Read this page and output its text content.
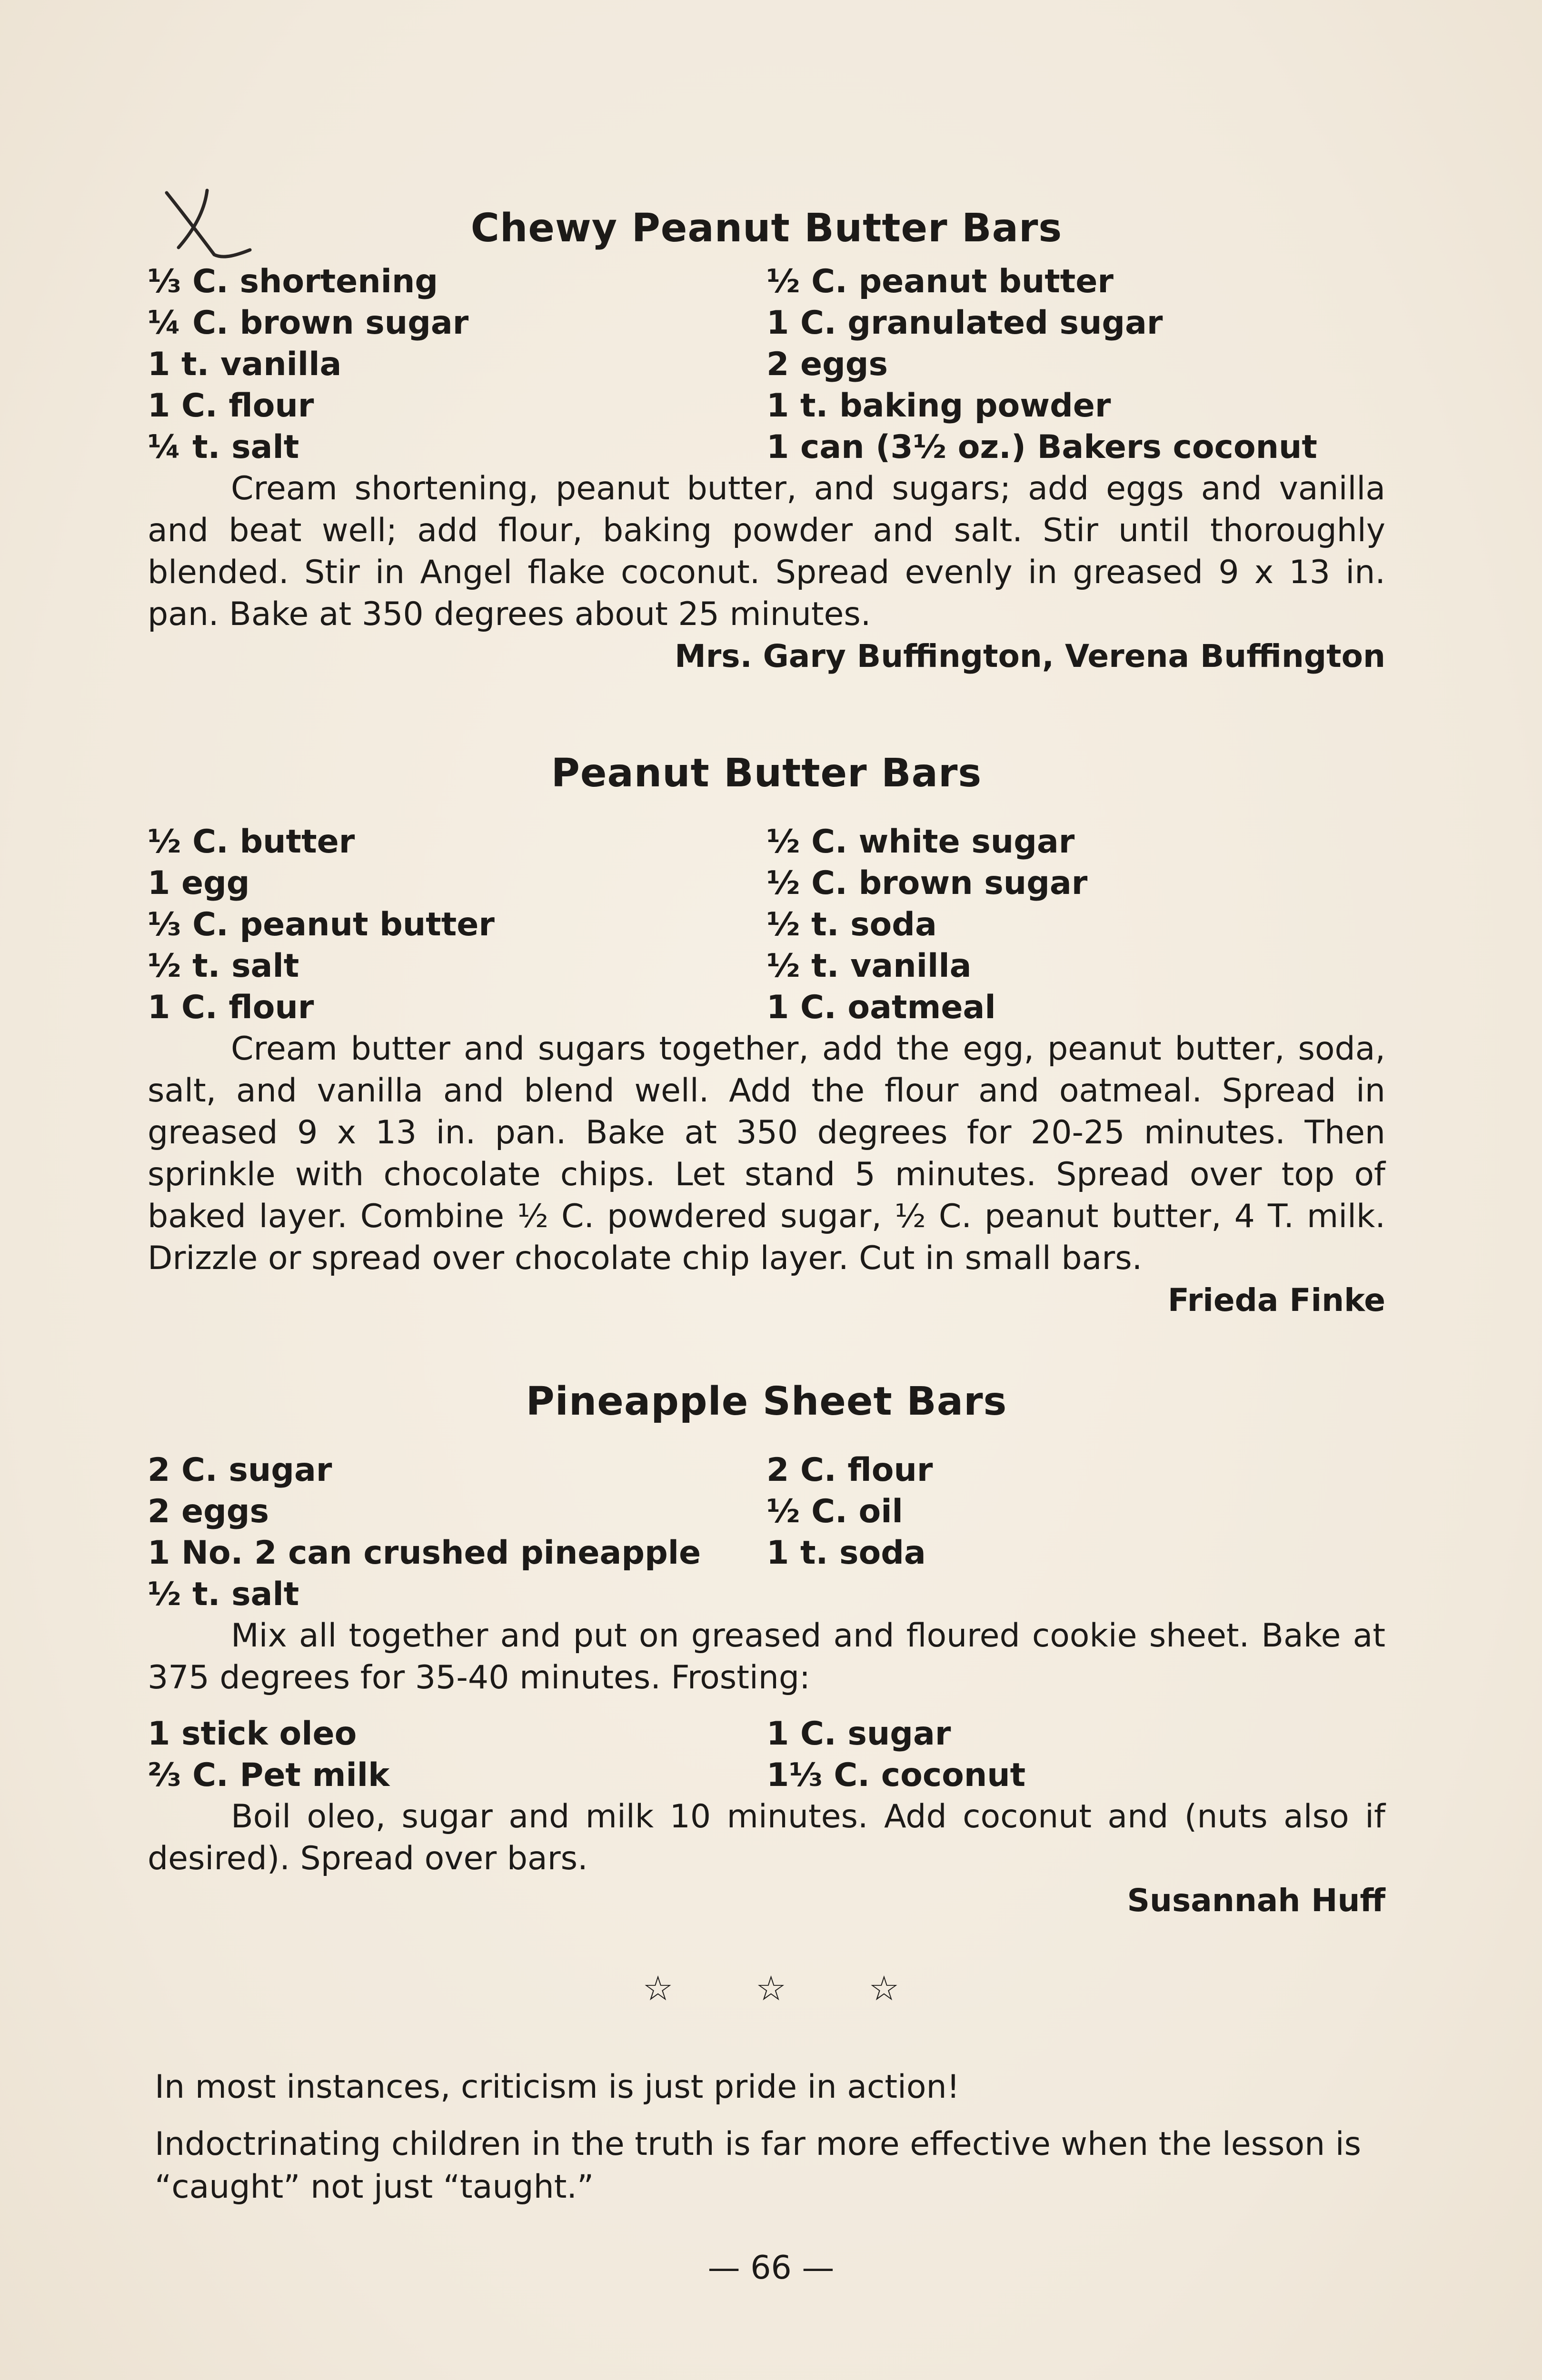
Chewy Peanut Butter Bars
⅓ C. shortening	½ C. peanut butter
¼ C. brown sugar	1 C. granulated sugar
1 t. vanilla	2 eggs
1 C. flour	1 t. baking powder
¼ t. salt	1 can (3½ oz.) Bakers coconut

Cream shortening, peanut butter, and sugars; add eggs and vanilla and beat well; add flour, baking powder and salt. Stir until thoroughly blended. Stir in Angel flake coconut. Spread evenly in greased 9 x 13 in. pan. Bake at 350 degrees about 25 minutes.

Mrs. Gary Buffington, Verena Buffington
Peanut Butter Bars
½ C. butter	½ C. white sugar
1 egg	½ C. brown sugar
⅓ C. peanut butter	½ t. soda
½ t. salt	½ t. vanilla
1 C. flour	1 C. oatmeal

Cream butter and sugars together, add the egg, peanut butter, soda, salt, and vanilla and blend well. Add the flour and oatmeal. Spread in greased 9 x 13 in. pan. Bake at 350 degrees for 20-25 minutes. Then sprinkle with chocolate chips. Let stand 5 minutes. Spread over top of baked layer. Combine ½ C. powdered sugar, ½ C. peanut butter, 4 T. milk. Drizzle or spread over chocolate chip layer. Cut in small bars.

Frieda Finke
Pineapple Sheet Bars
2 C. sugar	2 C. flour
2 eggs	½ C. oil
1 No. 2 can crushed pineapple	1 t. soda
½ t. salt

Mix all together and put on greased and floured cookie sheet. Bake at 375 degrees for 35-40 minutes. Frosting:

1 stick oleo	1 C. sugar
⅔ C. Pet milk	1⅓ C. coconut

Boil oleo, sugar and milk 10 minutes. Add coconut and (nuts also if desired). Spread over bars.

Susannah Huff
☆ ☆ ☆

In most instances, criticism is just pride in action!

Indoctrinating children in the truth is far more effective when the lesson is “caught” not just “taught.”

— 66 —
